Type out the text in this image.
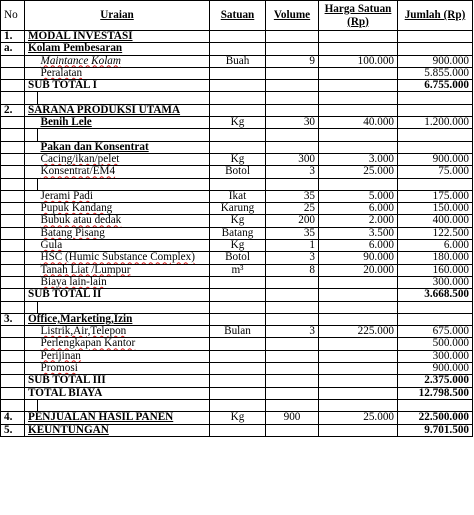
No	Uraian		Satuan	Volume	Harga Satuan (Rp)	Jumlah (Rp)
1.	MODAL INVESTASI					
a.	Kolam Pembesaran					
		Maintance Kolam	Buah	9	100.000	900.000
		Peralatan				5.855.000
	SUB TOTAL I					6.755.000

2.	SARANA PRODUKSI UTAMA					
		Benih Lele	Kg	30	40.000	1.200.000

		Pakan dan Konsentrat				
		Cacing/ikan/pelet	Kg	300	3.000	900.000
		Konsentrat/EM4	Botol	3	25.000	75.000

		Jerami Padi	Ikat	35	5.000	175.000
		Pupuk Kandang	Karung	25	6.000	150.000
		Bubuk atau dedak	Kg	200	2.000	400.000
		Batang Pisang	Batang	35	3.500	122.500
		Gula	Kg	1	6.000	6.000
		HSC (Humic Substance Complex)	Botol	3	90.000	180.000
		Tanah Liat /Lumpur	m³	8	20.000	160.000
		Biaya lain-lain				300.000
	SUB TOTAL II					3.668.500

3.	Office,Marketing,Izin					
		Listrik,Air,Telepon	Bulan	3	225.000	675.000
		Perlengkapan Kantor				500.000
		Perijinan				300.000
		Promosi				900.000
	SUB TOTAL III					2.375.000
	TOTAL BIAYA					12.798.500

4.	PENJUALAN HASIL PANEN		Kg	900	25.000	22.500.000
5.	KEUNTUNGAN					9.701.500
